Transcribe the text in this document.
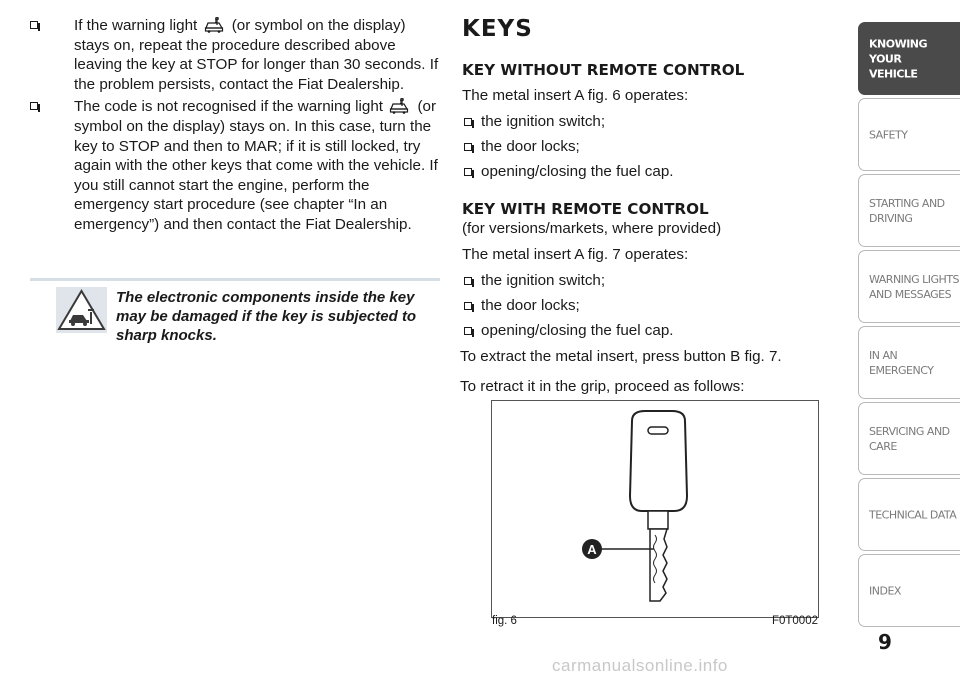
If the warning light (or symbol on the display) stays on, repeat the procedure described above leaving the key at STOP for longer than 30 seconds. If the problem persists, contact the Fiat Dealership.
The code is not recognised if the warning light (or symbol on the display) stays on. In this case, turn the key to STOP and then to MAR; if it is still locked, try again with the other keys that come with the vehicle. If you still cannot start the engine, perform the emergency start procedure (see chapter “In an emergency”) and then contact the Fiat Dealership.
The electronic components inside the key may be damaged if the key is subjected to sharp knocks.
KEYS
KEY WITHOUT REMOTE CONTROL
The metal insert A fig. 6 operates:
the ignition switch;
the door locks;
opening/closing the fuel cap.
KEY WITH REMOTE CONTROL
(for versions/markets, where provided)
The metal insert A fig. 7 operates:
the ignition switch;
the door locks;
opening/closing the fuel cap.
To extract the metal insert, press button B fig. 7.
To retract it in the grip, proceed as follows:
A
fig. 6	F0T0002
KNOWING YOUR
VEHICLE
SAFETY
STARTING AND
DRIVING
WARNING LIGHTS
AND MESSAGES
IN AN EMERGENCY
SERVICING AND
CARE
TECHNICAL DATA
INDEX
9
carmanualsonline.info
